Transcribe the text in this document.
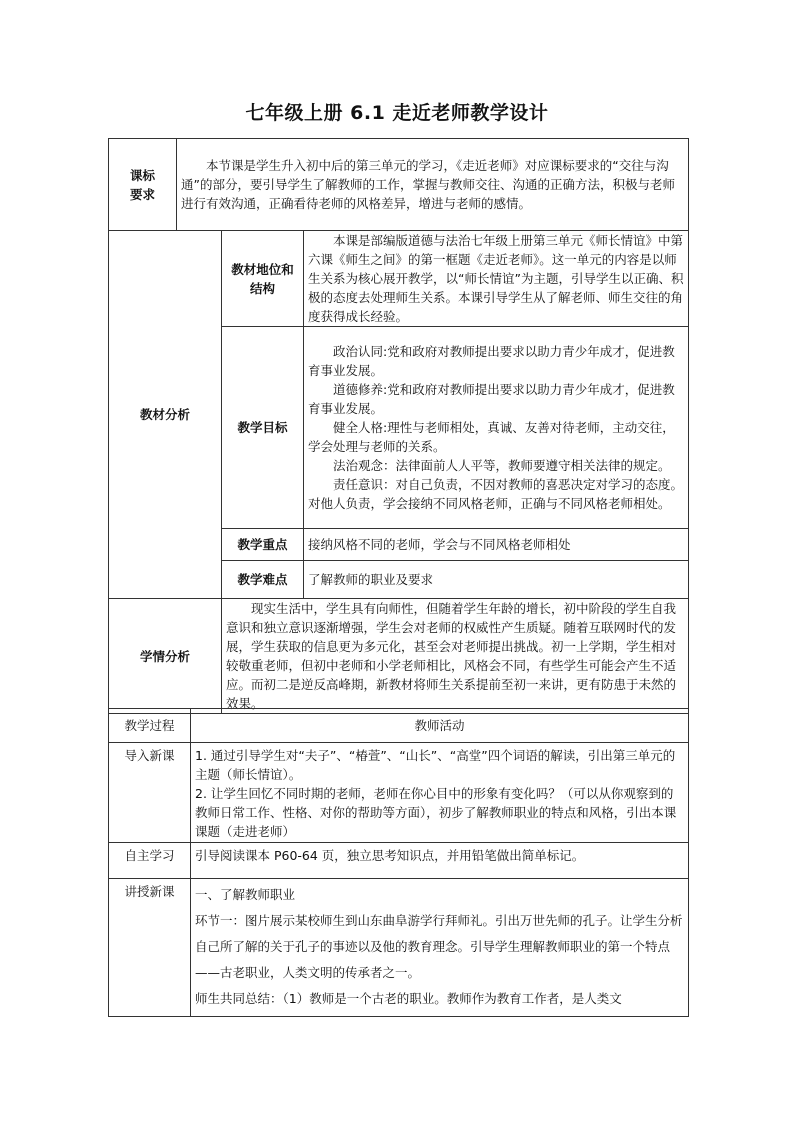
七年级上册 6.1 走近老师教学设计
课标
要求	本节课是学生升入初中后的第三单元的学习，《走近老师》对应课标要求的“交往与沟通”的部分，要引导学生了解教师的工作，掌握与教师交往、沟通的正确方法，积极与老师进行有效沟通，正确看待老师的风格差异，增进与老师的感情。		

教材分析		教材地位和结构	本课是部编版道德与法治七年级上册第三单元《师长情谊》中第六课《师生之间》的第一框题《走近老师》。这一单元的内容是以师生关系为核心展开教学，以“师长情谊”为主题，引导学生以正确、积极的态度去处理师生关系。本课引导学生从了解老师、师生交往的角度获得成长经验。

		教学目标	政治认同:党和政府对教师提出要求以助力青少年成才，促进教育事业发展。

道德修养:党和政府对教师提出要求以助力青少年成才，促进教育事业发展。

健全人格:理性与老师相处，真诚、友善对待老师，主动交往，学会处理与老师的关系。

法治观念：法律面前人人平等，教师要遵守相关法律的规定。

责任意识：对自己负责，不因对教师的喜恶决定对学习的态度。对他人负责，学会接纳不同风格老师，正确与不同风格老师相处。

		教学重点	接纳风格不同的老师，学会与不同风格老师相处
		教学难点	了解教师的职业及要求
学情分析		现实生活中，学生具有向师性，但随着学生年龄的增长，初中阶段的学生自我意识和独立意识逐渐增强，学生会对老师的权威性产生质疑。随着互联网时代的发展，学生获取的信息更为多元化，甚至会对老师提出挑战。初一上学期，学生相对较敬重老师，但初中老师和小学老师相比，风格会不同，有些学生可能会产生不适应。而初二是逆反高峰期，新教材将师生关系提前至初一来讲，更有防患于未然的效果。	

教学过程	教师活动
导入新课	1. 通过引导学生对“夫子”、“椿萱”、“山长”、“高堂”四个词语的解读，引出第三单元的主题（师长情谊）。

2. 让学生回忆不同时期的老师，老师在你心目中的形象有变化吗？（可以从你观察到的教师日常工作、性格、对你的帮助等方面），初步了解教师职业的特点和风格，引出本课课题（走进老师）

自主学习	引导阅读课本 P60-64 页，独立思考知识点，并用铅笔做出简单标记。

讲授新课	一、了解教师职业

环节一：图片展示某校师生到山东曲阜游学行拜师礼。引出万世先师的孔子。让学生分析自己所了解的关于孔子的事迹以及他的教育理念。引导学生理解教师职业的第一个特点——古老职业，人类文明的传承者之一。

师生共同总结：（1）教师是一个古老的职业。教师作为教育工作者，是人类文
